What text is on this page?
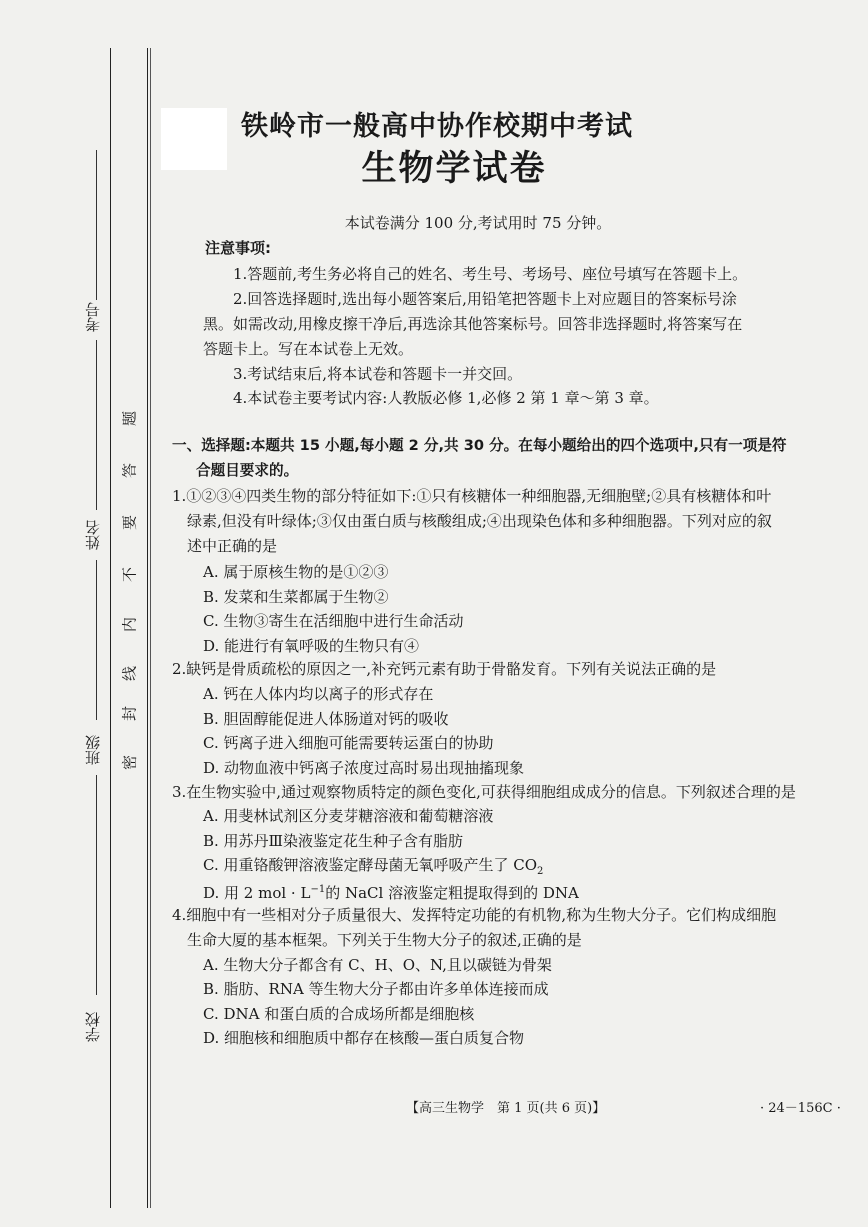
考号
姓名
班级
学校
密
封
线
内
不
要
答
题
铁岭市一般高中协作校期中考试
生物学试卷
本试卷满分 100 分,考试用时 75 分钟。
注意事项:
1.答题前,考生务必将自己的姓名、考生号、考场号、座位号填写在答题卡上。
2.回答选择题时,选出每小题答案后,用铅笔把答题卡上对应题目的答案标号涂
黑。如需改动,用橡皮擦干净后,再选涂其他答案标号。回答非选择题时,将答案写在
答题卡上。写在本试卷上无效。
3.考试结束后,将本试卷和答题卡一并交回。
4.本试卷主要考试内容:人教版必修 1,必修 2 第 1 章～第 3 章。
一、选择题:本题共 15 小题,每小题 2 分,共 30 分。在每小题给出的四个选项中,只有一项是符
合题目要求的。
1.①②③④四类生物的部分特征如下:①只有核糖体一种细胞器,无细胞壁;②具有核糖体和叶
绿素,但没有叶绿体;③仅由蛋白质与核酸组成;④出现染色体和多种细胞器。下列对应的叙
述中正确的是
A. 属于原核生物的是①②③
B. 发菜和生菜都属于生物②
C. 生物③寄生在活细胞中进行生命活动
D. 能进行有氧呼吸的生物只有④
2.缺钙是骨质疏松的原因之一,补充钙元素有助于骨骼发育。下列有关说法正确的是
A. 钙在人体内均以离子的形式存在
B. 胆固醇能促进人体肠道对钙的吸收
C. 钙离子进入细胞可能需要转运蛋白的协助
D. 动物血液中钙离子浓度过高时易出现抽搐现象
3.在生物实验中,通过观察物质特定的颜色变化,可获得细胞组成成分的信息。下列叙述合理的是
A. 用斐林试剂区分麦芽糖溶液和葡萄糖溶液
B. 用苏丹Ⅲ染液鉴定花生种子含有脂肪
C. 用重铬酸钾溶液鉴定酵母菌无氧呼吸产生了 $CO_2$
D. 用 2 mol · $L^{-1}$的 NaCl 溶液鉴定粗提取得到的 DNA
4.细胞中有一些相对分子质量很大、发挥特定功能的有机物,称为生物大分子。它们构成细胞
生命大厦的基本框架。下列关于生物大分子的叙述,正确的是
A. 生物大分子都含有 C、H、O、N,且以碳链为骨架
B. 脂肪、RNA 等生物大分子都由许多单体连接而成
C. DNA 和蛋白质的合成场所都是细胞核
D. 细胞核和细胞质中都存在核酸—蛋白质复合物
【高三生物学　第 1 页(共 6 页)】	· 24－156C ·
